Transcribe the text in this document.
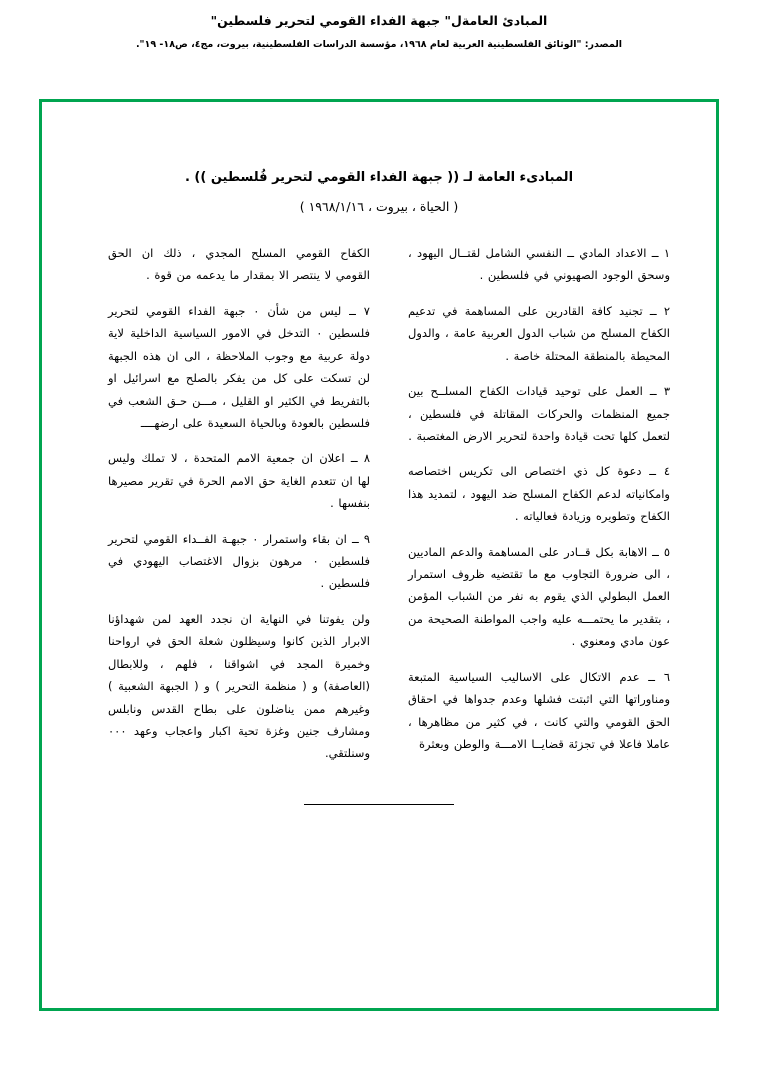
المبادئ العامةل" جبهة الفداء القومي لتحرير فلسطين"
المصدر: "الوثائق الفلسطينية العربية لعام ١٩٦٨، مؤسسة الدراسات الفلسطينية، بيروت، مج٤، ص١٨- ١٩".
المبادىء العامة لـ (( جبهة الفداء القومي لتحرير فُلسطين )) .
( الحياة ، بيروت ، ١٩٦٨/١/١٦ )

١ ــ الاعداد المادي ــ النفسي الشامل لقتــال اليهود ، وسحق الوجود الصهيوني في فلسطين .

٢ ــ تجنيد كافة القادرين على المساهمة في تدعيم الكفاح المسلح من شباب الدول العربية عامة ، والدول المحيطة بالمنطقة المحتلة خاصة .

٣ ــ العمل على توحيد قيادات الكفاح المسلــح بين جميع المنظمات والحركات المقاتلة في فلسطين ، لتعمل كلها تحت قيادة واحدة لتحرير الارض المغتصبة .

٤ ــ دعوة كل ذي اختصاص الى تكريس اختصاصه وامكانياته لدعم الكفاح المسلح ضد اليهود ، لتمديد هذا الكفاح وتطويره وزيادة فعالياته .

٥ ــ الاهابة بكل قــادر على المساهمة والدعم الماديين ، الى ضرورة التجاوب مع ما تقتضيه ظروف استمرار العمل البطولي الذي يقوم به نفر من الشباب المؤمن ، بتقدير ما يحتمـــه عليه واجب المواطنة الصحيحة من عون مادي ومعنوي .

٦ ــ عدم الاتكال على الاساليب السياسية المتبعة ومناوراتها التي اثبتت فشلها وعدم جدواها في احقاق الحق القومي والتي كانت ، في كثير من مظاهرها ، عاملا فاعلا في تجزئة قضايــا الامـــة والوطن وبعثرة

الكفاح القومي المسلح المجدي ، ذلك ان الحق القومي لا ينتصر الا بمقدار ما يدعمه من قوة .

٧ ــ ليس من شأن ٠ جبهة الفداء القومي لتحرير فلسطين ٠ التدخل في الامور السياسية الداخلية لاية دولة عربية مع وجوب الملاحظة ، الى ان هذه الجبهة لن تسكت على كل من يفكر بالصلح مع اسرائيل او بالتفريط في الكثير او القليل ، مـــن حـق الشعب في فلسطين بالعودة وبالحياة السعيدة على ارضهــــ

٨ ــ اعلان ان جمعية الامم المتحدة ، لا تملك وليس لها ان تتعدم الغاية حق الامم الحرة في تقرير مصيرها بنفسها .

٩ ــ ان بقاء واستمرار ٠ جبهـة الفــداء القومي لتحرير فلسطين ٠ مرهون بزوال الاغتصاب اليهودي في فلسطين .

ولن يفوتنا في النهاية ان نجدد العهد لمن شهداؤنا الابرار الذين كانوا وسيظلون شعلة الحق في ارواحنا وخميرة المجد في اشواقنا ، فلهم ، وللابطال (العاصفة) و ( منظمة التحرير ) و ( الجبهة الشعبية ) وغيرهم ممن يناضلون على بطاح القدس ونابلس ومشارف جنين وغزة تحية اكبار واعجاب وعهد ٠٠٠ وسنلتقي.
